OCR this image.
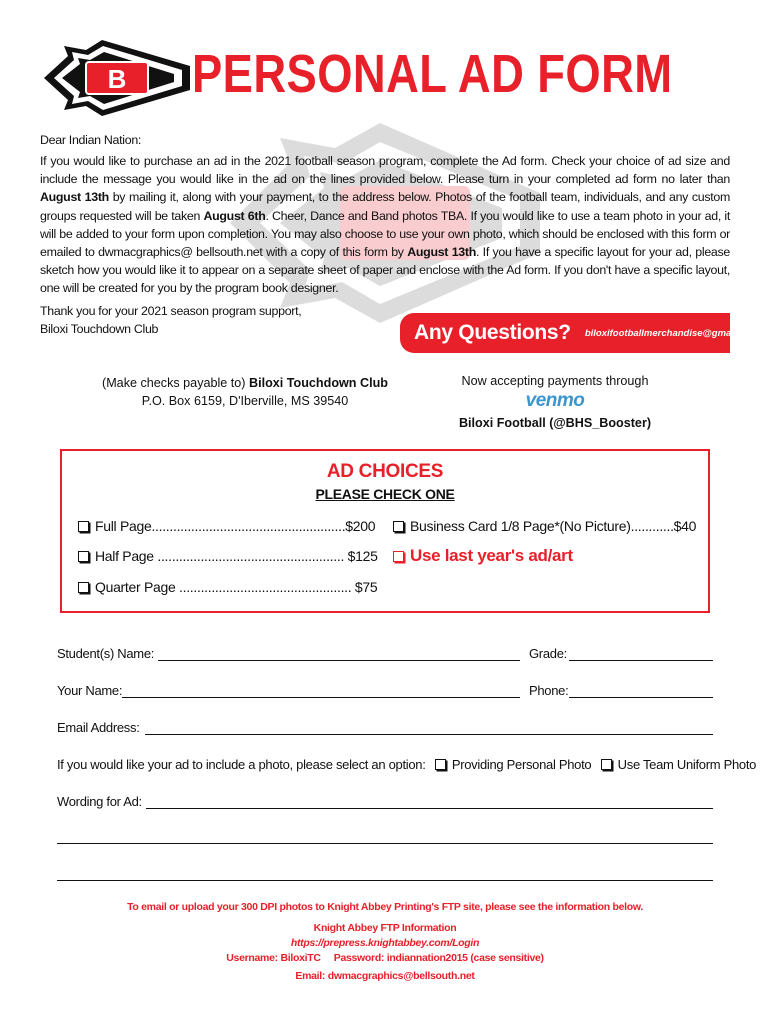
B PERSONAL AD FORM
Dear Indian Nation:
If you would like to purchase an ad in the 2021 football season program, complete the Ad form. Check your choice of ad size and include the message you would like in the ad on the lines provided below. Please turn in your completed ad form no later than August 13th by mailing it, along with your payment, to the address below. Photos of the football team, individuals, and any custom groups requested will be taken August 6th. Cheer, Dance and Band photos TBA. If you would like to use a team photo in your ad, it will be added to your form upon completion. You may also choose to use your own photo, which should be enclosed with this form or emailed to dwmacgraphics@ bellsouth.net with a copy of this form by August 13th. If you have a specific layout for your ad, please sketch how you would like it to appear on a separate sheet of paper and enclose with the Ad form. If you don't have a specific layout, one will be created for you by the program book designer.
Thank you for your 2021 season program support,
Biloxi Touchdown Club	Any Questions? biloxifootballmerchandise@gmail.com
(Make checks payable to) Biloxi Touchdown Club
P.O. Box 6159, D'Iberville, MS 39540
Now accepting payments through
venmo
Biloxi Football (@BHS_Booster)
AD CHOICES
PLEASE CHECK ONE
Full Page......................................................$200
Half Page .................................................... $125
Quarter Page ................................................ $75
Business Card 1/8 Page*(No Picture)............$40
Use last year's ad/art
Student(s) Name:	Grade:
Your Name:	Phone:
Email Address:
If you would like your ad to include a photo, please select an option: Providing Personal Photo Use Team Uniform Photo
Wording for Ad:
To email or upload your 300 DPI photos to Knight Abbey Printing's FTP site, please see the information below.
Knight Abbey FTP Information
https://prepress.knightabbey.com/Login
Username: BiloxiTC Password: indiannation2015 (case sensitive)
Email: dwmacgraphics@bellsouth.net
